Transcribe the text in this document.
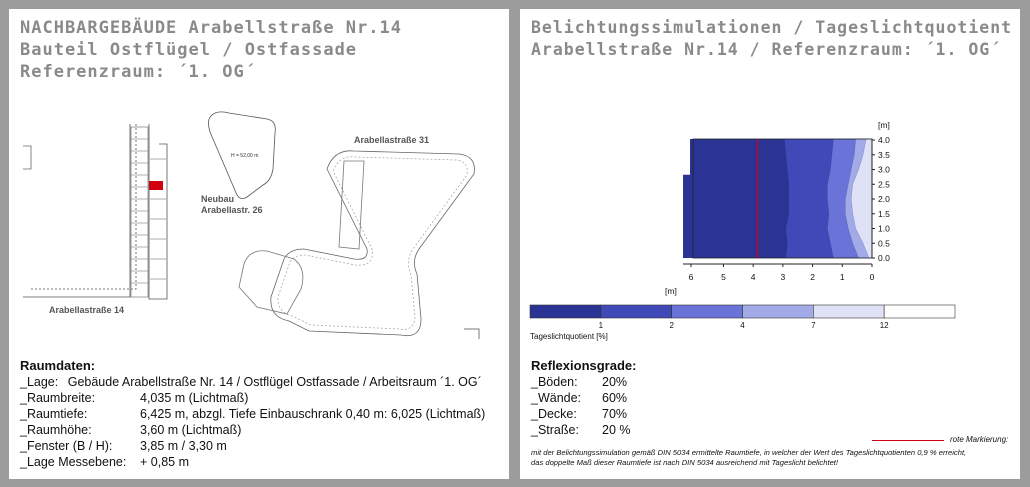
NACHBARGEBÄUDE Arabellstraße Nr.14
Bauteil Ostflügel / Ostfassade
Referenzraum: ´1. OG´
Arabellastraße 31
H = 52,00 m
Neubau Arabellastr. 26
Arabellastraße 14
Raumdaten:
_Lage: Gebäude Arabellstraße Nr. 14 / Ostflügel Ostfassade / Arbeitsraum ´1. OG´
_Raumbreite:	4,035 m (Lichtmaß)
_Raumtiefe:	6,425 m, abzgl. Tiefe Einbauschrank 0,40 m: 6,025 (Lichtmaß)
_Raumhöhe:	3,60 m (Lichtmaß)
_Fenster (B / H): 3,85 m / 3,30 m
_Lage Messebene: + 0,85 m
Belichtungssimulationen / Tageslichtquotient
Arabellstraße Nr.14 / Referenzraum: ´1. OG´
4.0
3.5
3.0
2.5
2.0
1.5
1.0
0.5
0.0
[m]
6	5	4	3	2	1	0
[m]
1	2	4	7	12
Tageslichtquotient [%]
Reflexionsgrade:
_Böden: 20%
_Wände: 60%
_Decke: 70%
_Straße: 20 %
rote Markierung:
mit der Belichtungssimulation gemäß DIN 5034 ermittelte Raumtiefe, in welcher der Wert des Tageslichtquotienten 0,9 % erreicht,
das doppelte Maß dieser Raumtiefe ist nach DIN 5034 ausreichend mit Tageslicht belichtet!
